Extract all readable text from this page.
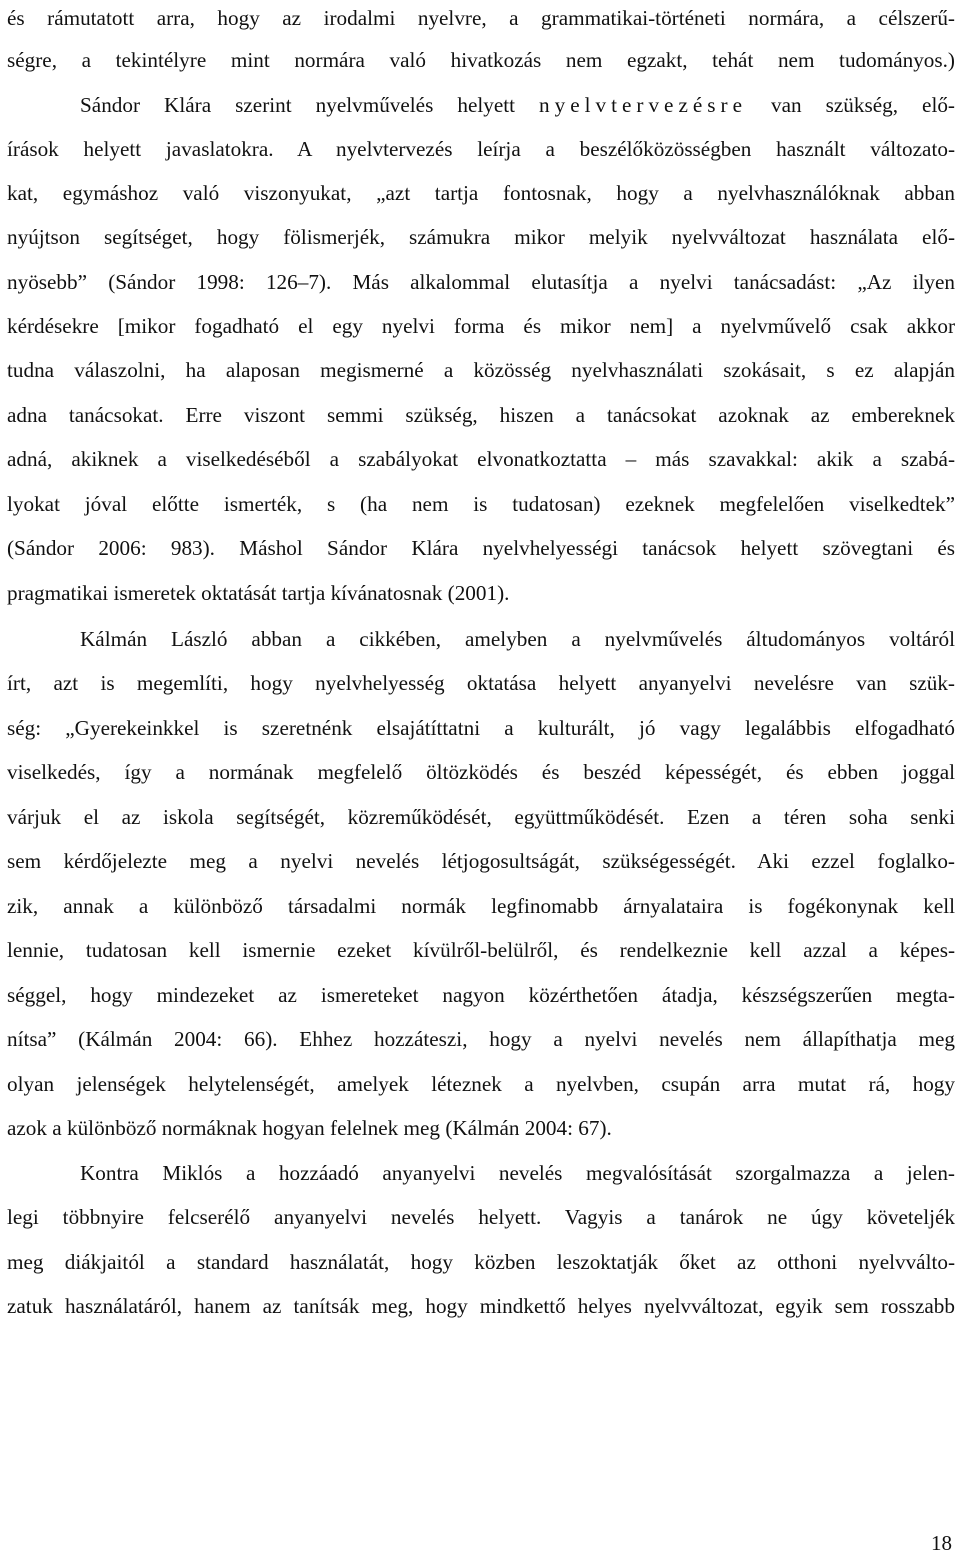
és rámutatott arra, hogy az irodalmi nyelvre, a grammatikai-történeti normára, a célszerű-
ségre, a tekintélyre mint normára való hivatkozás nem egzakt, tehát nem tudományos.)
Sándor Klára szerint nyelvművelés helyett nyelvtervezésre van szükség, elő-
írások helyett javaslatokra. A nyelvtervezés leírja a beszélőközösségben használt változato-
kat, egymáshoz való viszonyukat, „azt tartja fontosnak, hogy a nyelvhasználóknak abban
nyújtson segítséget, hogy fölismerjék, számukra mikor melyik nyelvváltozat használata elő-
nyösebb” (Sándor 1998: 126–7). Más alkalommal elutasítja a nyelvi tanácsadást: „Az ilyen
kérdésekre [mikor fogadható el egy nyelvi forma és mikor nem] a nyelvművelő csak akkor
tudna válaszolni, ha alaposan megismerné a közösség nyelvhasználati szokásait, s ez alapján
adna tanácsokat. Erre viszont semmi szükség, hiszen a tanácsokat azoknak az embereknek
adná, akiknek a viselkedéséből a szabályokat elvonatkoztatta – más szavakkal: akik a szabá-
lyokat jóval előtte ismerték, s (ha nem is tudatosan) ezeknek megfelelően viselkedtek”
(Sándor 2006: 983). Máshol Sándor Klára nyelvhelyességi tanácsok helyett szövegtani és
pragmatikai ismeretek oktatását tartja kívánatosnak (2001).
Kálmán László abban a cikkében, amelyben a nyelvművelés áltudományos voltáról
írt, azt is megemlíti, hogy nyelvhelyesség oktatása helyett anyanyelvi nevelésre van szük-
ség: „Gyerekeinkkel is szeretnénk elsajátíttatni a kulturált, jó vagy legalábbis elfogadható
viselkedés, így a normának megfelelő öltözködés és beszéd képességét, és ebben joggal
várjuk el az iskola segítségét, közreműködését, együttműködését. Ezen a téren soha senki
sem kérdőjelezte meg a nyelvi nevelés létjogosultságát, szükségességét. Aki ezzel foglalko-
zik, annak a különböző társadalmi normák legfinomabb árnyalataira is fogékonynak kell
lennie, tudatosan kell ismernie ezeket kívülről-belülről, és rendelkeznie kell azzal a képes-
séggel, hogy mindezeket az ismereteket nagyon közérthetően átadja, készségszerűen megta-
nítsa” (Kálmán 2004: 66). Ehhez hozzáteszi, hogy a nyelvi nevelés nem állapíthatja meg
olyan jelenségek helytelenségét, amelyek léteznek a nyelvben, csupán arra mutat rá, hogy
azok a különböző normáknak hogyan felelnek meg (Kálmán 2004: 67).
Kontra Miklós a hozzáadó anyanyelvi nevelés megvalósítását szorgalmazza a jelen-
legi többnyire felcserélő anyanyelvi nevelés helyett. Vagyis a tanárok ne úgy követeljék
meg diákjaitól a standard használatát, hogy közben leszoktatják őket az otthoni nyelvválto-
zatuk használatáról, hanem az tanítsák meg, hogy mindkettő helyes nyelvváltozat, egyik sem rosszabb
18
